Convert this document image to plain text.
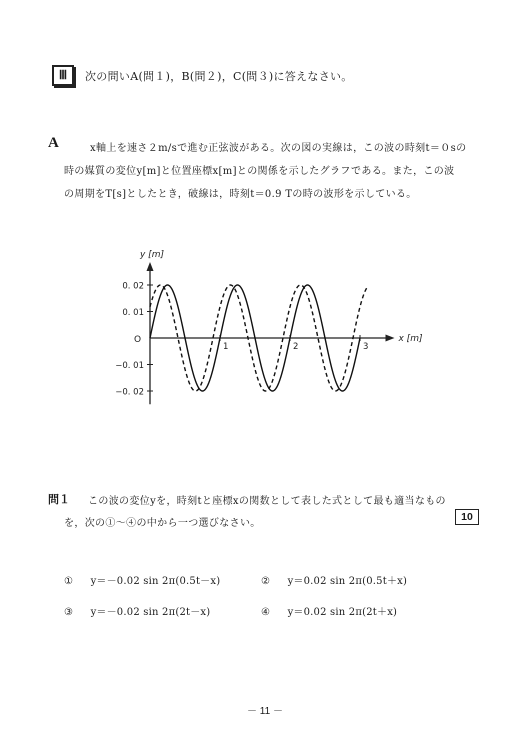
Ⅲ	次の問いA(問１)，B(問２)，C(問３)に答えなさい。
A	x軸上を速さ２m/sで進む正弦波がある。次の図の実線は，この波の時刻t＝０sの
時の媒質の変位y[m]と位置座標x[m]との関係を示したグラフである。また，この波
の周期をT[s]としたとき，破線は，時刻t＝0.9 Tの時の波形を示している。
0. 02
0. 01
−0. 01
−0. 02
1	2	3
O
y [m]
x [m]
問１ この波の変位yを，時刻tと座標xの関数として表した式として最も適当なもの
を，次の①〜④の中から一つ選びなさい。
10
① y＝－0.02 sin 2π(0.5t－x)	② y＝0.02 sin 2π(0.5t＋x)
③ y＝－0.02 sin 2π(2t－x)	④ y＝0.02 sin 2π(2t＋x)
－ 11 －
